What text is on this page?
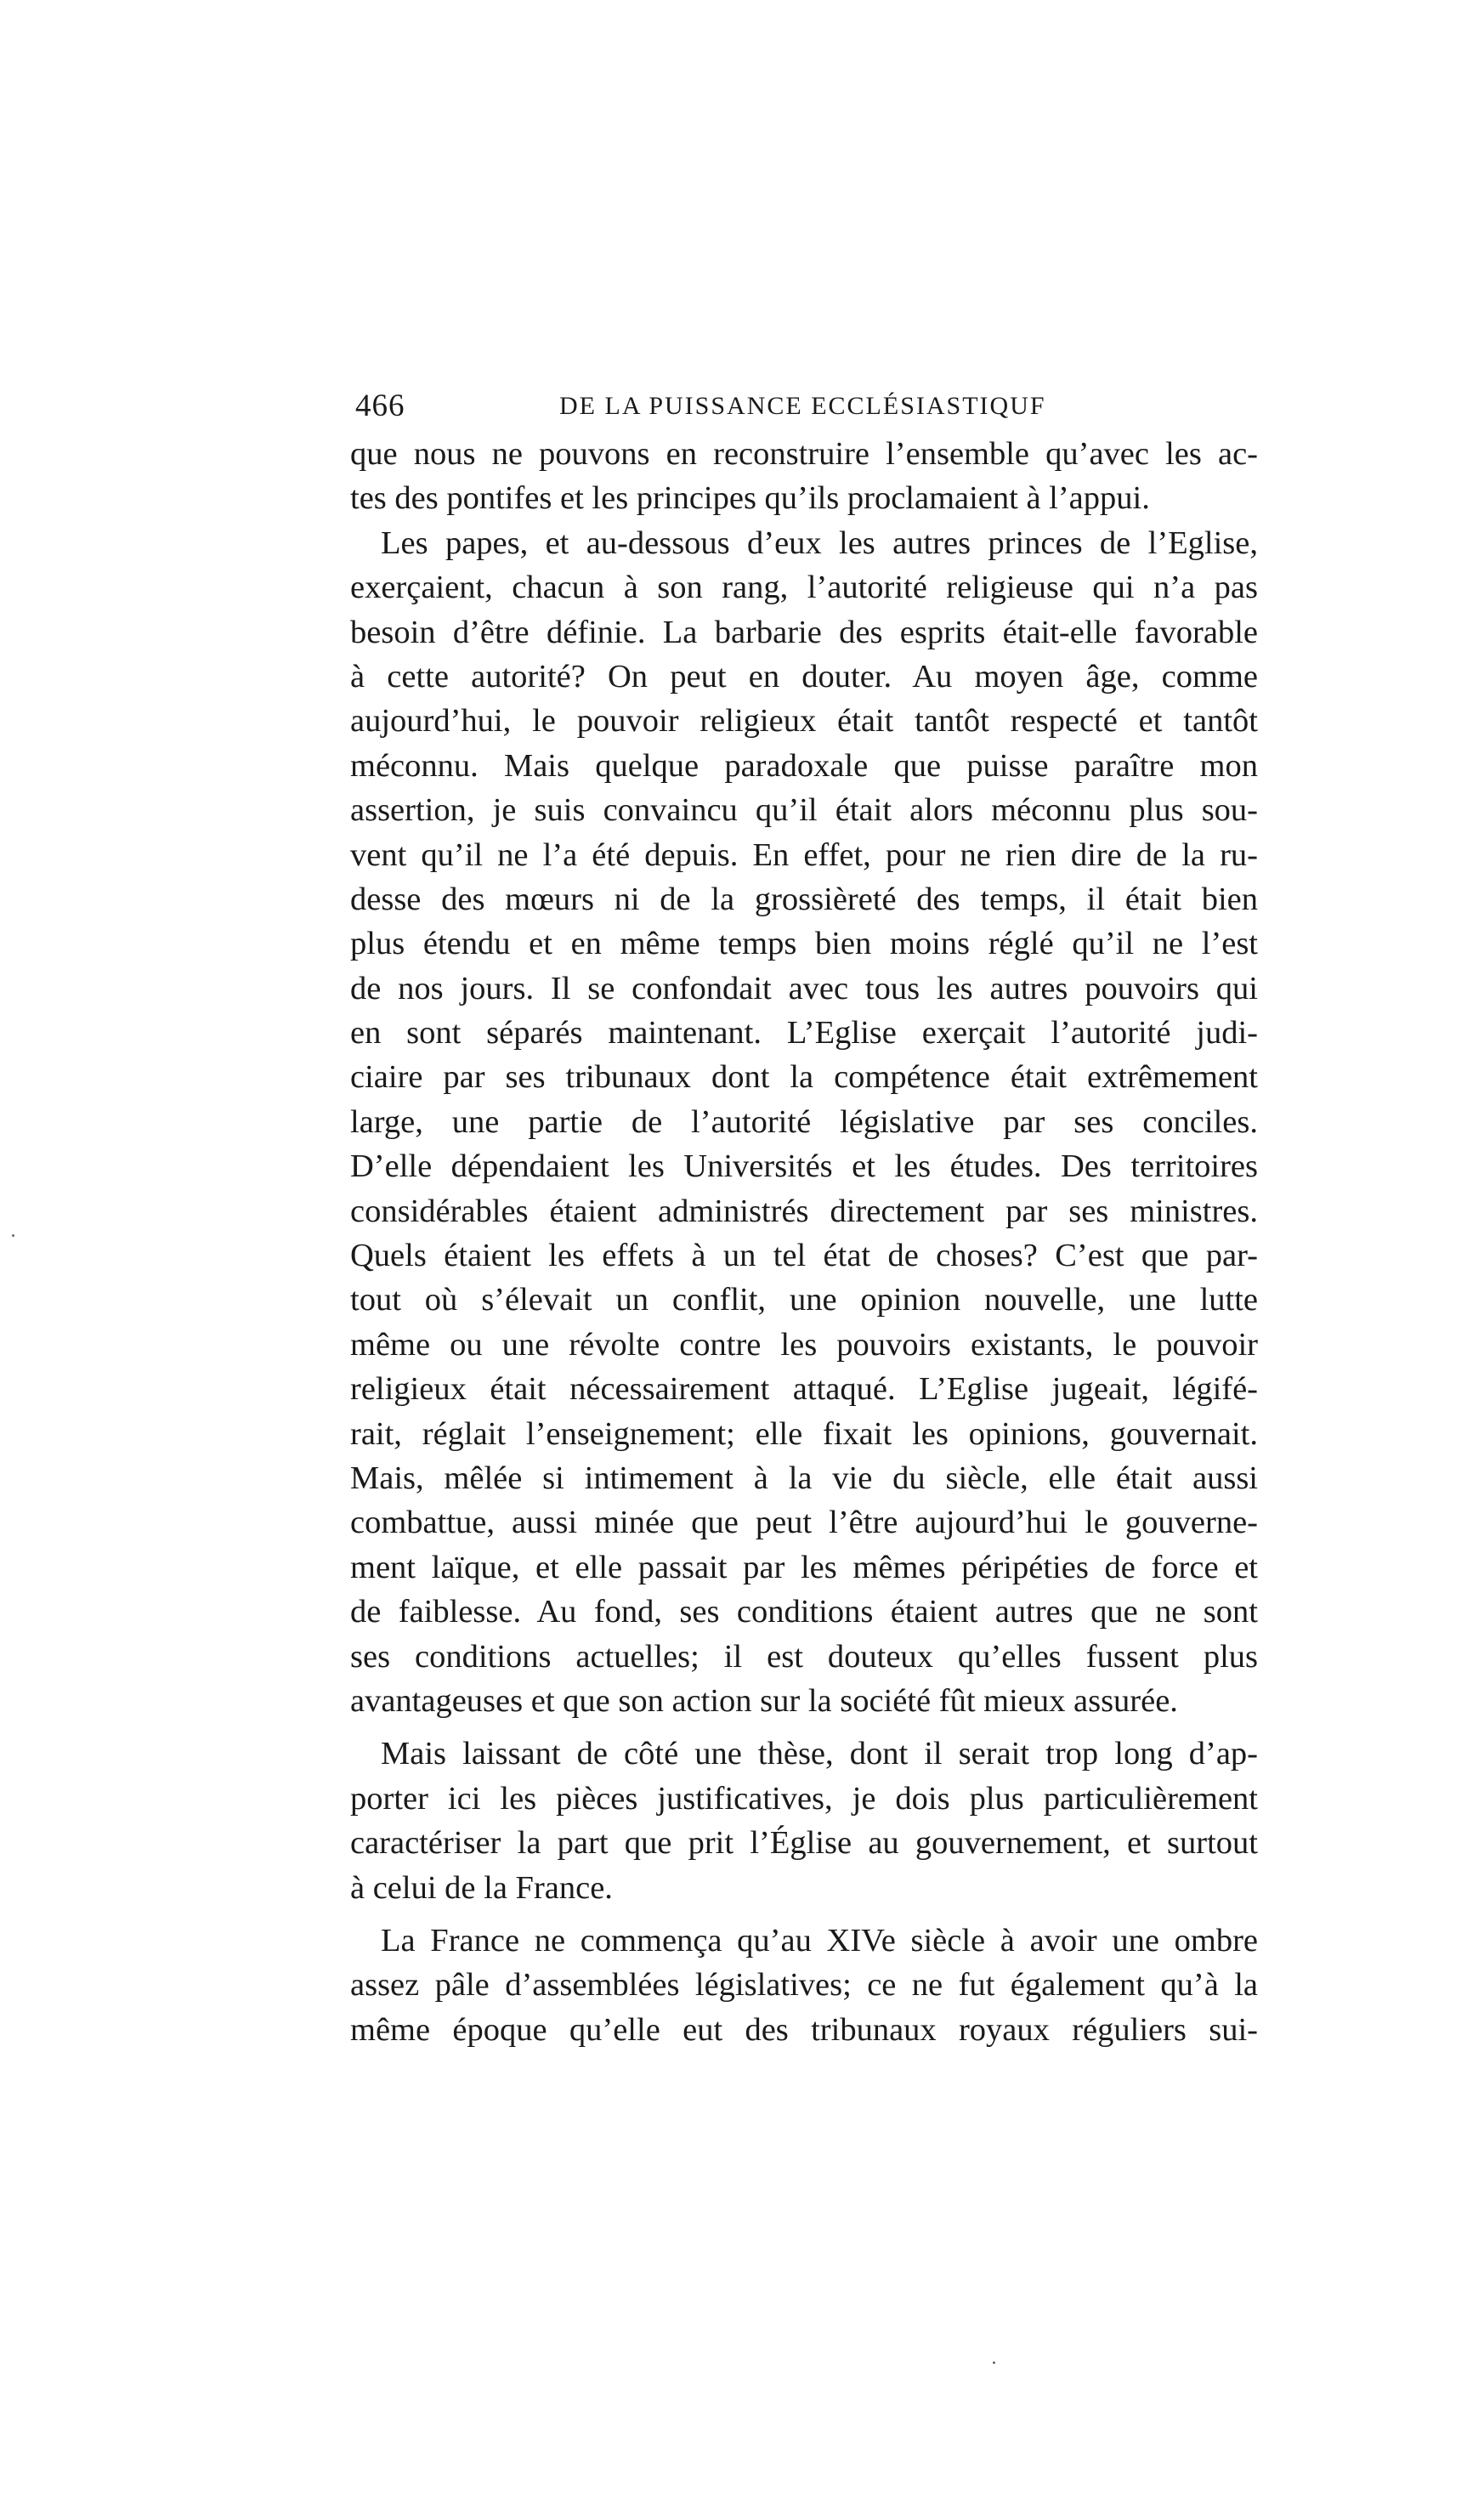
466	DE LA PUISSANCE ECCLÉSIASTIQUF
que nous ne pouvons en reconstruire l’ensemble qu’avec les ac-
tes des pontifes et les principes qu’ils proclamaient à l’appui.
Les papes, et au-dessous d’eux les autres princes de l’Eglise,
exerçaient, chacun à son rang, l’autorité religieuse qui n’a pas
besoin d’être définie. La barbarie des esprits était-elle favorable
à cette autorité? On peut en douter. Au moyen âge, comme
aujourd’hui, le pouvoir religieux était tantôt respecté et tantôt
méconnu. Mais quelque paradoxale que puisse paraître mon
assertion, je suis convaincu qu’il était alors méconnu plus sou-
vent qu’il ne l’a été depuis. En effet, pour ne rien dire de la ru-
desse des mœurs ni de la grossièreté des temps, il était bien
plus étendu et en même temps bien moins réglé qu’il ne l’est
de nos jours. Il se confondait avec tous les autres pouvoirs qui
en sont séparés maintenant. L’Eglise exerçait l’autorité judi-
ciaire par ses tribunaux dont la compétence était extrêmement
large, une partie de l’autorité législative par ses conciles.
D’elle dépendaient les Universités et les études. Des territoires
considérables étaient administrés directement par ses ministres.
Quels étaient les effets à un tel état de choses? C’est que par-
tout où s’élevait un conflit, une opinion nouvelle, une lutte
même ou une révolte contre les pouvoirs existants, le pouvoir
religieux était nécessairement attaqué. L’Eglise jugeait, légifé-
rait, réglait l’enseignement; elle fixait les opinions, gouvernait.
Mais, mêlée si intimement à la vie du siècle, elle était aussi
combattue, aussi minée que peut l’être aujourd’hui le gouverne-
ment laïque, et elle passait par les mêmes péripéties de force et
de faiblesse. Au fond, ses conditions étaient autres que ne sont
ses conditions actuelles; il est douteux qu’elles fussent plus
avantageuses et que son action sur la société fût mieux assurée.
Mais laissant de côté une thèse, dont il serait trop long d’ap-
porter ici les pièces justificatives, je dois plus particulièrement
caractériser la part que prit l’Église au gouvernement, et surtout
à celui de la France.
La France ne commença qu’au XIVe siècle à avoir une ombre
assez pâle d’assemblées législatives; ce ne fut également qu’à la
même époque qu’elle eut des tribunaux royaux réguliers sui-
